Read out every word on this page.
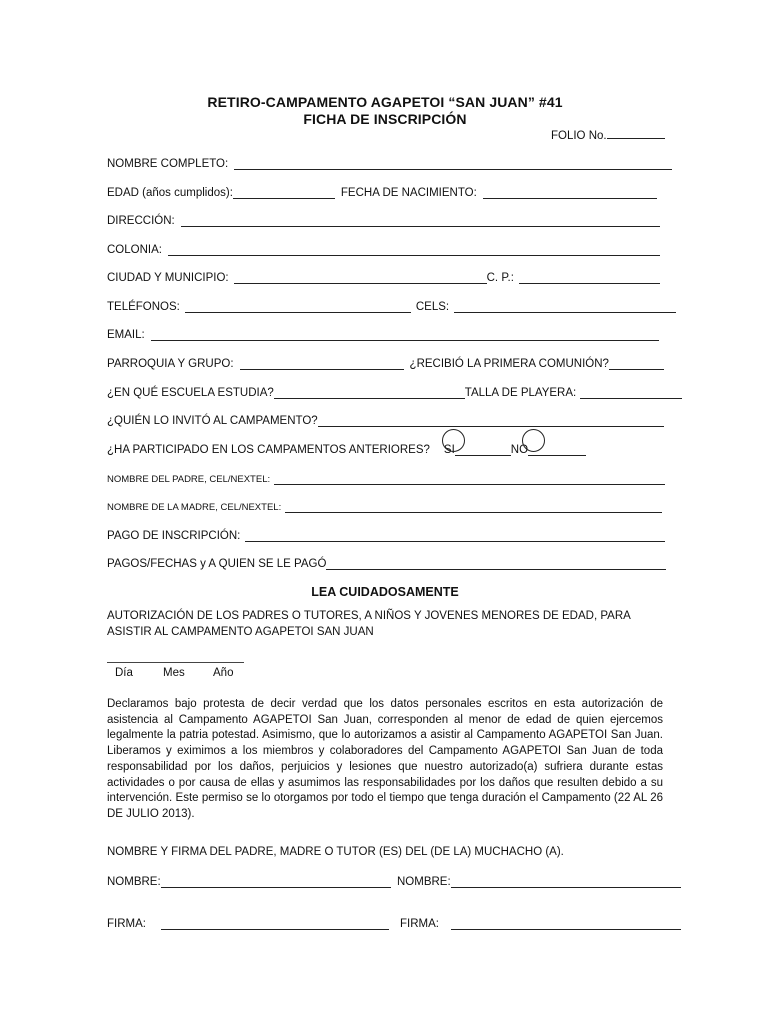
RETIRO-CAMPAMENTO AGAPETOI “SAN JUAN” #41
FICHA DE INSCRIPCIÓN
FOLIO No.
NOMBRE COMPLETO:
EDAD (años cumplidos):	FECHA DE NACIMIENTO:
DIRECCIÓN:
COLONIA:
CIUDAD Y MUNICIPIO:	C. P.:
TELÉFONOS:	CELS:
EMAIL:
PARROQUIA Y GRUPO:	¿RECIBIÓ LA PRIMERA COMUNIÓN?
¿EN QUÉ ESCUELA ESTUDIA?	TALLA DE PLAYERA:
¿QUIÉN LO INVITÓ AL CAMPAMENTO?
¿HA PARTICIPADO EN LOS CAMPAMENTOS ANTERIORES? SI	NO
NOMBRE DEL PADRE, CEL/NEXTEL:
NOMBRE DE LA MADRE, CEL/NEXTEL:
PAGO DE INSCRIPCIÓN:
PAGOS/FECHAS y A QUIEN SE LE PAGÓ
LEA CUIDADOSAMENTE
AUTORIZACIÓN DE LOS PADRES O TUTORES, A NIÑOS Y JOVENES MENORES DE EDAD, PARA ASISTIR AL CAMPAMENTO AGAPETOI SAN JUAN
Día	Mes Año
Declaramos bajo protesta de decir verdad que los datos personales escritos en esta autorización de asistencia al Campamento AGAPETOI San Juan, corresponden al menor de edad de quien ejercemos legalmente la patria potestad. Asimismo, que lo autorizamos a asistir al Campamento AGAPETOI San Juan. Liberamos y eximimos a los miembros y colaboradores del Campamento AGAPETOI San Juan de toda responsabilidad por los daños, perjuicios y lesiones que nuestro autorizado(a) sufriera durante estas actividades o por causa de ellas y asumimos las responsabilidades por los daños que resulten debido a su intervención. Este permiso se lo otorgamos por todo el tiempo que tenga duración el Campamento (22 AL 26 DE JULIO 2013).
NOMBRE Y FIRMA DEL PADRE, MADRE O TUTOR (ES) DEL (DE LA) MUCHACHO (A).
NOMBRE:	NOMBRE:
FIRMA:	FIRMA:
